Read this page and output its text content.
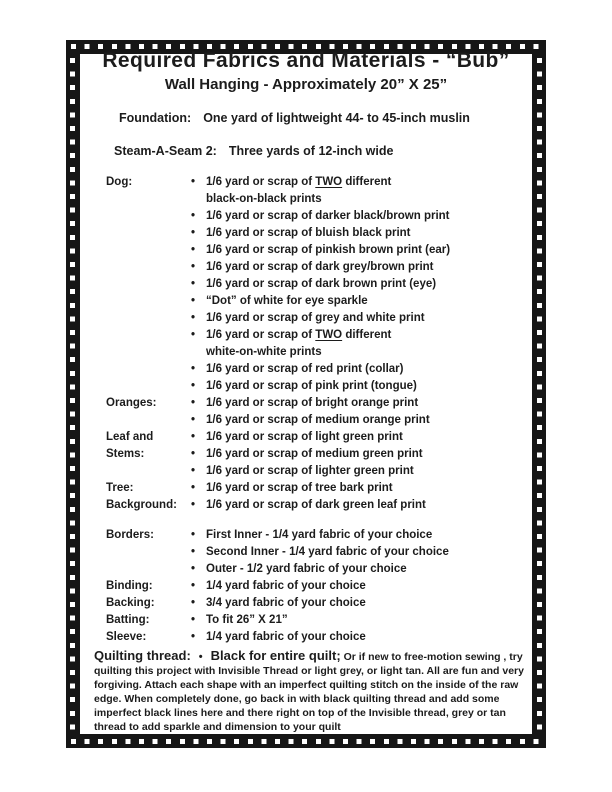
Required Fabrics and Materials - “Bub”
Wall Hanging - Approximately 20” X 25”
Foundation: One yard of lightweight 44- to 45-inch muslin
Steam-A-Seam 2: Three yards of 12-inch wide
Dog:	• 1/6 yard or scrap of TWO different
black-on-black prints
• 1/6 yard or scrap of darker black/brown print
• 1/6 yard or scrap of bluish black print
• 1/6 yard or scrap of pinkish brown print (ear)
• 1/6 yard or scrap of dark grey/brown print
• 1/6 yard or scrap of dark brown print (eye)
• “Dot” of white for eye sparkle
• 1/6 yard or scrap of grey and white print
• 1/6 yard or scrap of TWO different
white-on-white prints
• 1/6 yard or scrap of red print (collar)
• 1/6 yard or scrap of pink print (tongue)
Oranges:	• 1/6 yard or scrap of bright orange print
• 1/6 yard or scrap of medium orange print
Leaf and	• 1/6 yard or scrap of light green print
Stems:	• 1/6 yard or scrap of medium green print
• 1/6 yard or scrap of lighter green print
Tree:	• 1/6 yard or scrap of tree bark print
Background:	• 1/6 yard or scrap of dark green leaf print
Borders:	• First Inner - 1/4 yard fabric of your choice
• Second Inner - 1/4 yard fabric of your choice
• Outer - 1/2 yard fabric of your choice
Binding:	• 1/4 yard fabric of your choice
Backing:	• 3/4 yard fabric of your choice
Batting:	• To fit 26” X 21”
Sleeve:	• 1/4 yard fabric of your choice
Quilting thread: • Black for entire quilt; Or if new to free-motion sewing , try quilting this project with Invisible Thread or light grey, or light tan. All are fun and very forgiving. Attach each shape with an imperfect quilting stitch on the inside of the raw edge. When completely done, go back in with black quilting thread and add some imperfect black lines here and there right on top of the Invisible thread, grey or tan thread to add sparkle and dimension to your quilt
